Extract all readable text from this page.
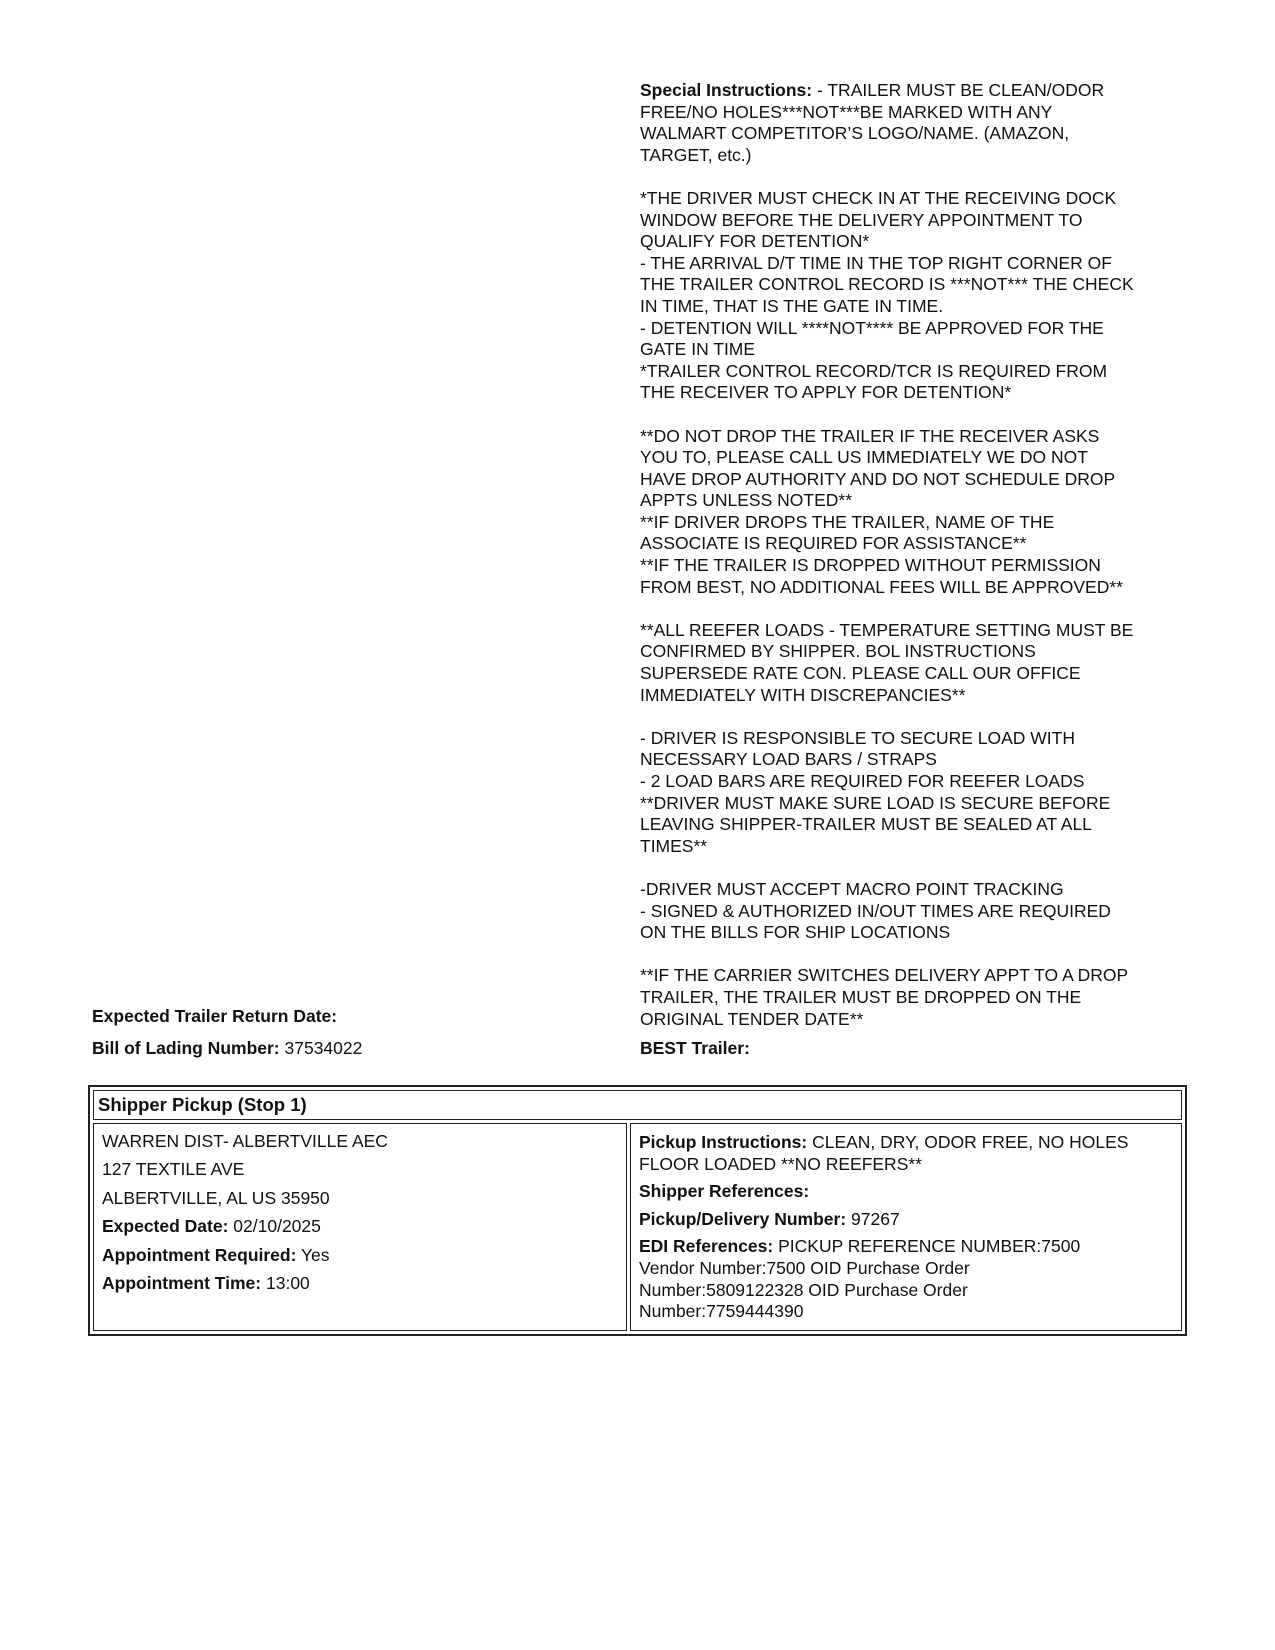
Special Instructions: - TRAILER MUST BE CLEAN/ODOR
FREE/NO HOLES***NOT***BE MARKED WITH ANY
WALMART COMPETITOR’S LOGO/NAME. (AMAZON,
TARGET, etc.)

*THE DRIVER MUST CHECK IN AT THE RECEIVING DOCK
WINDOW BEFORE THE DELIVERY APPOINTMENT TO
QUALIFY FOR DETENTION*
- THE ARRIVAL D/T TIME IN THE TOP RIGHT CORNER OF
THE TRAILER CONTROL RECORD IS ***NOT*** THE CHECK
IN TIME, THAT IS THE GATE IN TIME.
- DETENTION WILL ****NOT**** BE APPROVED FOR THE
GATE IN TIME
*TRAILER CONTROL RECORD/TCR IS REQUIRED FROM
THE RECEIVER TO APPLY FOR DETENTION*

**DO NOT DROP THE TRAILER IF THE RECEIVER ASKS
YOU TO, PLEASE CALL US IMMEDIATELY WE DO NOT
HAVE DROP AUTHORITY AND DO NOT SCHEDULE DROP
APPTS UNLESS NOTED**
**IF DRIVER DROPS THE TRAILER, NAME OF THE
ASSOCIATE IS REQUIRED FOR ASSISTANCE**
**IF THE TRAILER IS DROPPED WITHOUT PERMISSION
FROM BEST, NO ADDITIONAL FEES WILL BE APPROVED**

**ALL REEFER LOADS - TEMPERATURE SETTING MUST BE
CONFIRMED BY SHIPPER. BOL INSTRUCTIONS
SUPERSEDE RATE CON. PLEASE CALL OUR OFFICE
IMMEDIATELY WITH DISCREPANCIES**

- DRIVER IS RESPONSIBLE TO SECURE LOAD WITH
NECESSARY LOAD BARS / STRAPS
- 2 LOAD BARS ARE REQUIRED FOR REEFER LOADS
**DRIVER MUST MAKE SURE LOAD IS SECURE BEFORE
LEAVING SHIPPER-TRAILER MUST BE SEALED AT ALL
TIMES**

-DRIVER MUST ACCEPT MACRO POINT TRACKING
- SIGNED & AUTHORIZED IN/OUT TIMES ARE REQUIRED
ON THE BILLS FOR SHIP LOCATIONS

**IF THE CARRIER SWITCHES DELIVERY APPT TO A DROP
TRAILER, THE TRAILER MUST BE DROPPED ON THE
ORIGINAL TENDER DATE**

Expected Trailer Return Date:
Bill of Lading Number: 37534022	BEST Trailer:
Shipper Pickup (Stop 1)
WARREN DIST- ALBERTVILLE AEC
127 TEXTILE AVE
ALBERTVILLE, AL US 35950
Expected Date: 02/10/2025
Appointment Required: Yes
Appointment Time: 13:00
Pickup Instructions: CLEAN, DRY, ODOR FREE, NO HOLES
FLOOR LOADED **NO REEFERS**
Shipper References:
Pickup/Delivery Number: 97267
EDI References: PICKUP REFERENCE NUMBER:7500
Vendor Number:7500 OID Purchase Order
Number:5809122328 OID Purchase Order
Number:7759444390
